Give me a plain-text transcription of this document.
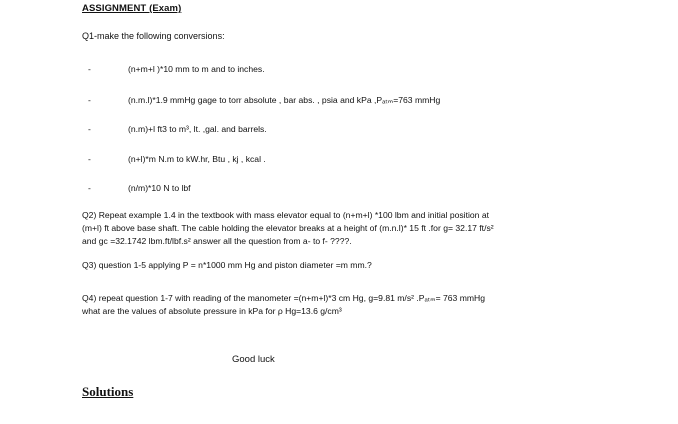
ASSIGNMENT (Exam)
Q1-make the following conversions:
-	(n+m+l )*10 mm to m and to inches.
-	(n.m.l)*1.9 mmHg gage to torr absolute , bar abs. , psia and kPa ,Pₐₜₘ=763 mmHg
-	(n.m)+l ft3 to m³, lt. ,gal. and barrels.
-	(n+l)*m N.m to kW.hr, Btu , kj , kcal .
-	(n/m)*10 N to lbf
Q2) Repeat example 1.4 in the textbook with mass elevator equal to (n+m+l) *100 lbm and initial position at
(m+l) ft above base shaft. The cable holding the elevator breaks at a height of (m.n.l)* 15 ft .for g= 32.17 ft/s²
and gc =32.1742 lbm.ft/lbf.s² answer all the question from a- to f- ????.
Q3) question 1-5 applying P = n*1000 mm Hg and piston diameter =m mm.?
Q4) repeat question 1-7 with reading of the manometer =(n+m+l)*3 cm Hg, g=9.81 m/s² .Pₐₜₘ= 763 mmHg
what are the values of absolute pressure in kPa for ρ Hg=13.6 g/cm³
Good luck
Solutions
